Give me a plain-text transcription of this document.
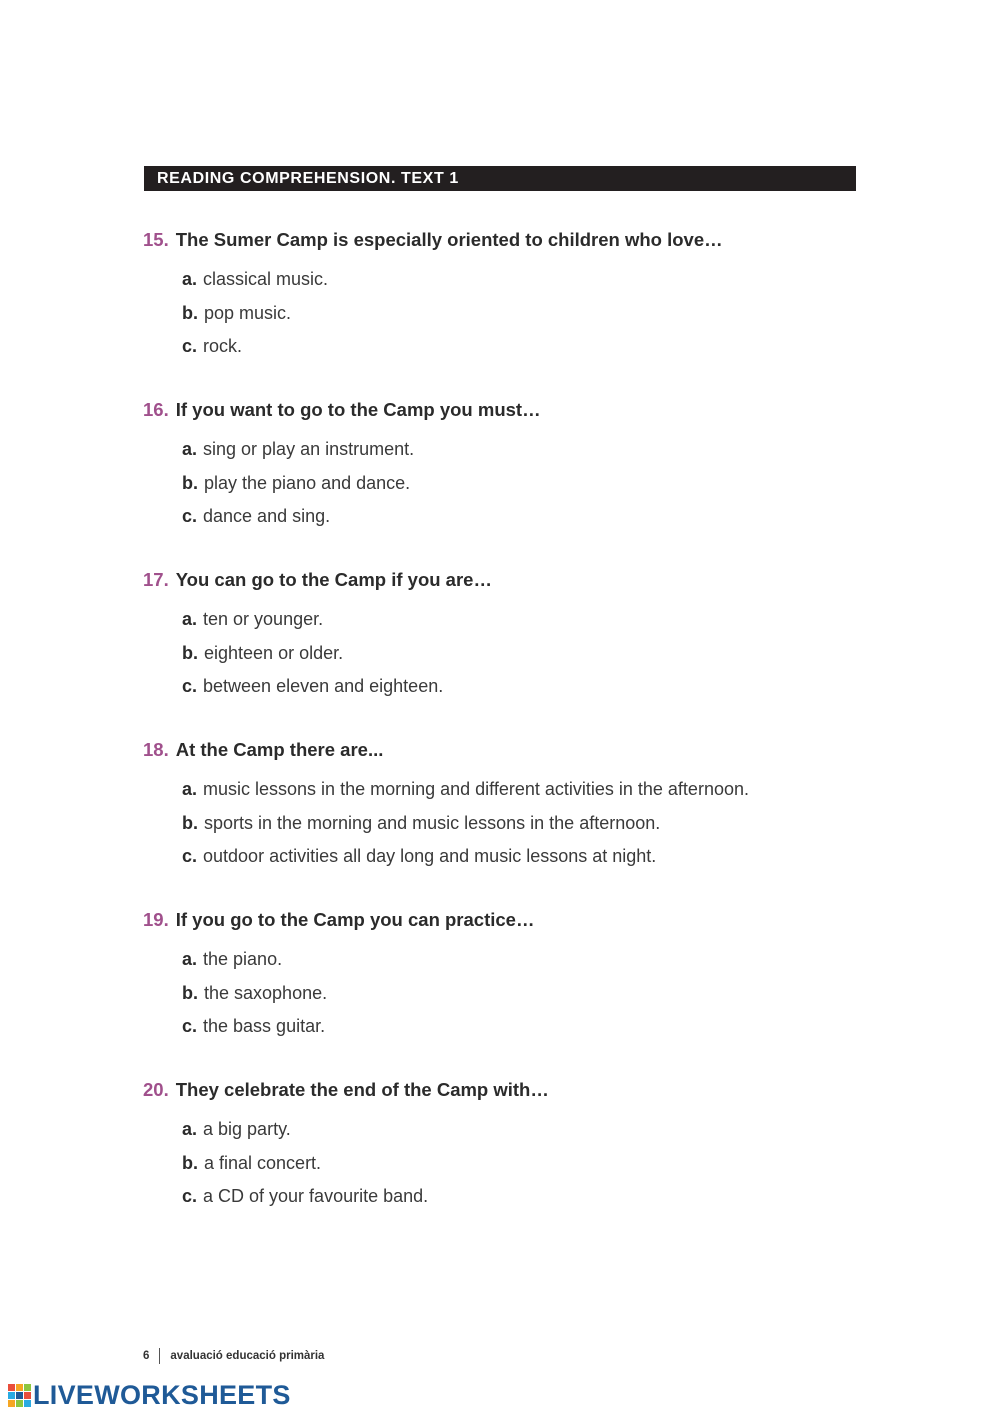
READING COMPREHENSION. TEXT 1
15. The Sumer Camp is especially oriented to children who love…
a. classical music.
b. pop music.
c. rock.
16. If you want to go to the Camp you must…
a. sing or play an instrument.
b. play the piano and dance.
c. dance and sing.
17. You can go to the Camp if you are…
a. ten or younger.
b. eighteen or older.
c. between eleven and eighteen.
18. At the Camp there are...
a. music lessons in the morning and different activities in the afternoon.
b. sports in the morning and music lessons in the afternoon.
c. outdoor activities all day long and music lessons at night.
19. If you go to the Camp you can practice…
a. the piano.
b. the saxophone.
c. the bass guitar.
20. They celebrate the end of the Camp with…
a. a big party.
b. a final concert.
c. a CD of your favourite band.
6 avaluació educació primària
LIVEWORKSHEETS
